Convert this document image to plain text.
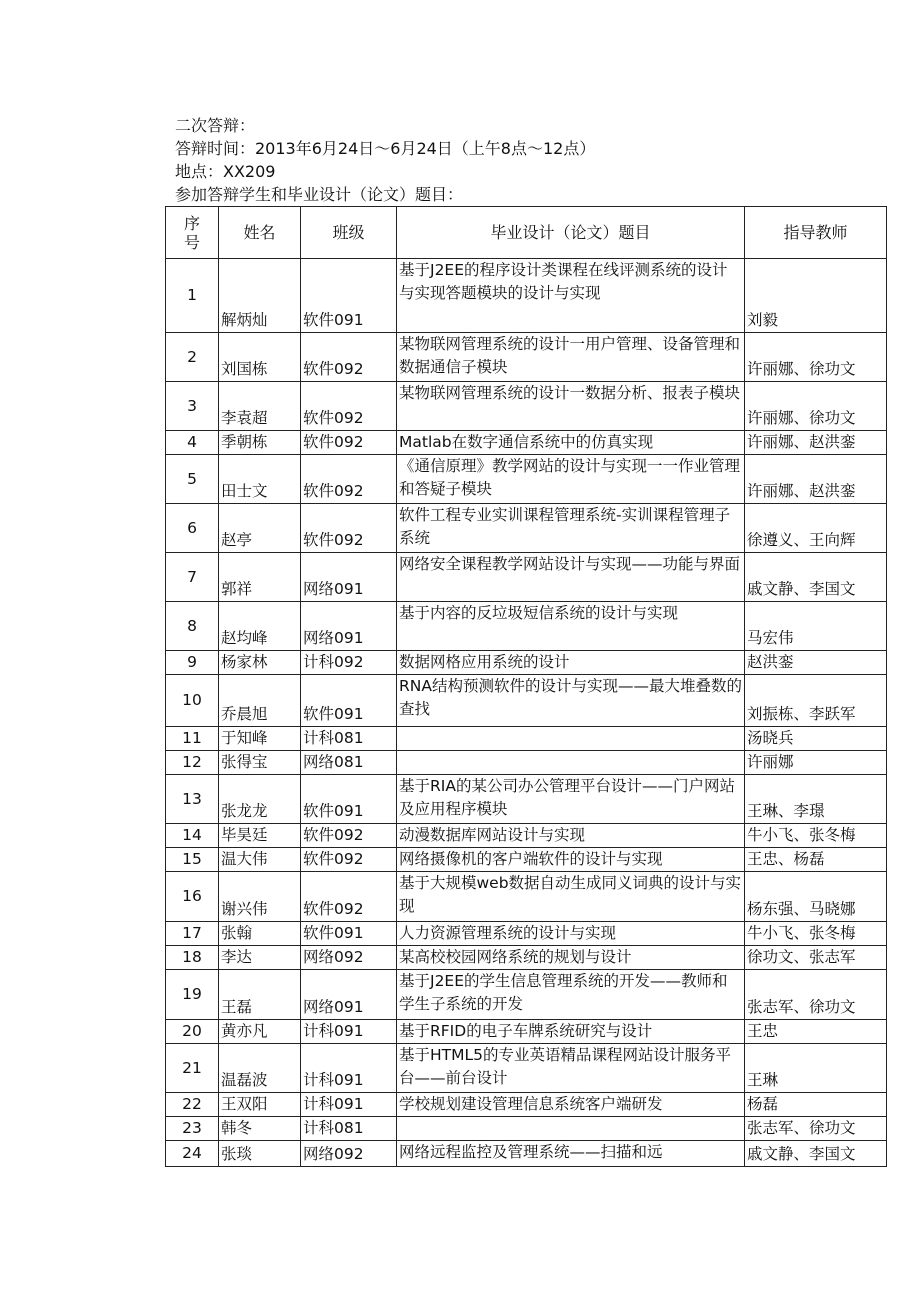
二次答辩：
答辩时间：2013年6月24日～6月24日（上午8点～12点）
地点：XX209
参加答辩学生和毕业设计（论文）题目：
序号	姓名	班级	毕业设计（论文）题目	指导教师
1	解炳灿	软件091	基于J2EE的程序设计类课程在线评测系统的设计与实现答题模块的设计与实现	刘毅
2	刘国栋	软件092	某物联网管理系统的设计一用户管理、设备管理和数据通信子模块	许丽娜、徐功文
3	李袁超	软件092	某物联网管理系统的设计一数据分析、报表子模块	许丽娜、徐功文
4	季朝栋	软件092	Matlab在数字通信系统中的仿真实现	许丽娜、赵洪銮
5	田士文	软件092	《通信原理》教学网站的设计与实现一一作业管理和答疑子模块	许丽娜、赵洪銮
6	赵亭	软件092	软件工程专业实训课程管理系统-实训课程管理子系统	徐遵义、王向辉
7	郭祥	网络091	网络安全课程教学网站设计与实现——功能与界面	戚文静、李国文
8	赵均峰	网络091	基于内容的反垃圾短信系统的设计与实现	马宏伟
9	杨家林	计科092	数据网格应用系统的设计	赵洪銮
10	乔晨旭	软件091	RNA结构预测软件的设计与实现——最大堆叠数的查找	刘振栋、李跃军
11	于知峰	计科081		汤晓兵
12	张得宝	网络081		许丽娜
13	张龙龙	软件091	基于RIA的某公司办公管理平台设计——门户网站及应用程序模块	王琳、李璟
14	毕昊廷	软件092	动漫数据库网站设计与实现	牛小飞、张冬梅
15	温大伟	软件092	网络摄像机的客户端软件的设计与实现	王忠、杨磊
16	谢兴伟	软件092	基于大规模web数据自动生成同义词典的设计与实现	杨东强、马晓娜
17	张翰	软件091	人力资源管理系统的设计与实现	牛小飞、张冬梅
18	李达	网络092	某高校校园网络系统的规划与设计	徐功文、张志军
19	王磊	网络091	基于J2EE的学生信息管理系统的开发——教师和学生子系统的开发	张志军、徐功文
20	黄亦凡	计科091	基于RFID的电子车牌系统研究与设计	王忠
21	温磊波	计科091	基于HTML5的专业英语精品课程网站设计服务平台——前台设计	王琳
22	王双阳	计科091	学校规划建设管理信息系统客户端研发	杨磊
23	韩冬	计科081		张志军、徐功文
24	张琰	网络092	网络远程监控及管理系统——扫描和远	戚文静、李国文
